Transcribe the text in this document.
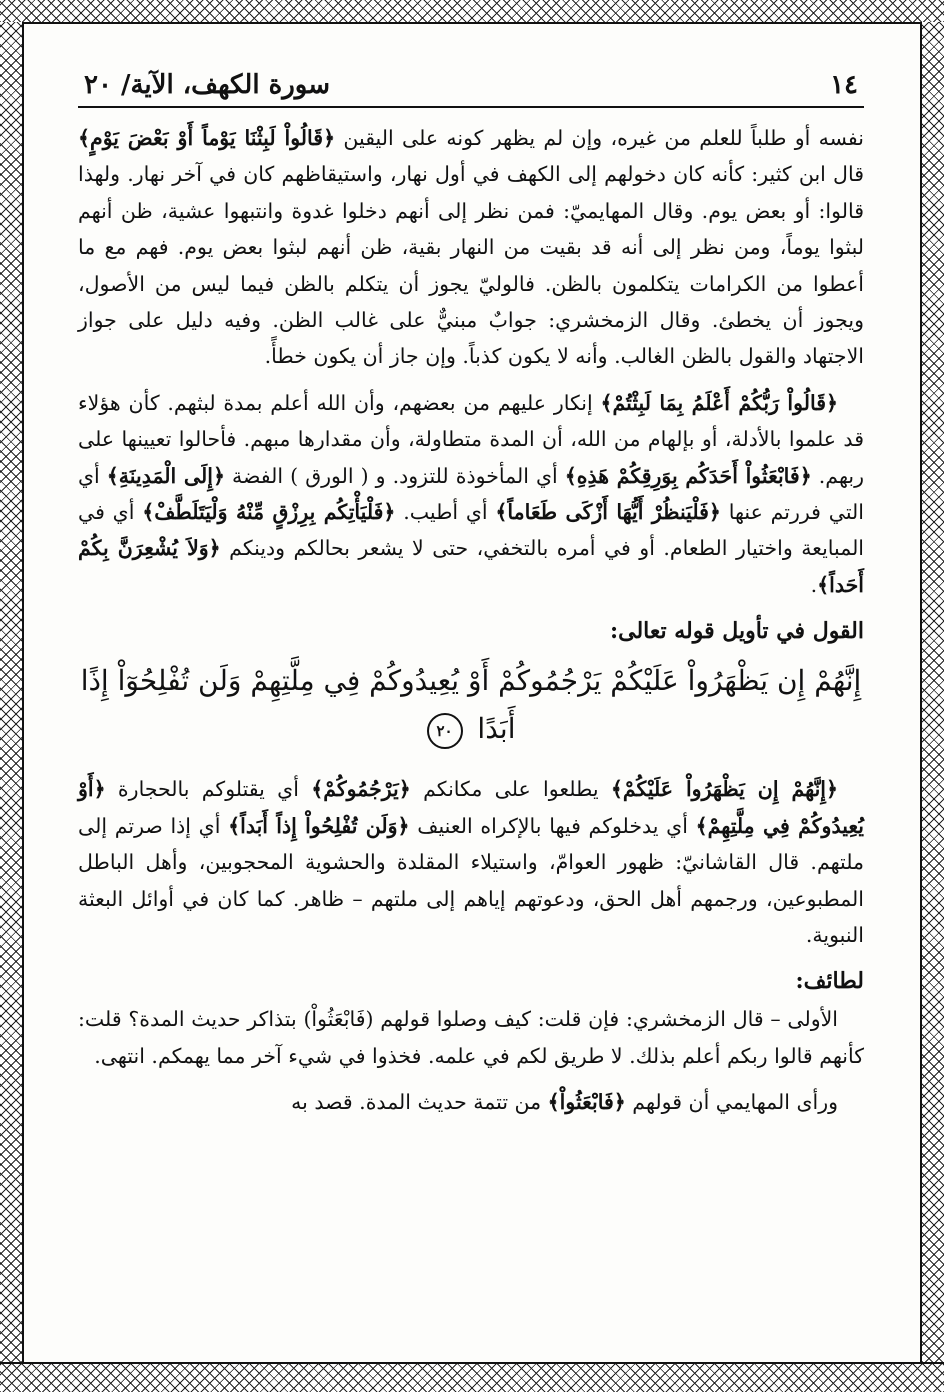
١٤
سورة الكهف، الآية/ ٢٠

نفسه أو طلباً للعلم من غيره، وإن لم يظهر كونه على اليقين ﴿قَالُواْ لَبِثْنَا يَوْماً أَوْ بَعْضَ يَوْمٍ﴾ قال ابن كثير: كأنه كان دخولهم إلى الكهف في أول نهار، واستيقاظهم كان في آخر نهار. ولهذا قالوا: أو بعض يوم. وقال المهايميّ: فمن نظر إلى أنهم دخلوا غدوة وانتبهوا عشية، ظن أنهم لبثوا يوماً، ومن نظر إلى أنه قد بقيت من النهار بقية، ظن أنهم لبثوا بعض يوم. فهم مع ما أعطوا من الكرامات يتكلمون بالظن. فالوليّ يجوز أن يتكلم بالظن فيما ليس من الأصول، ويجوز أن يخطئ. وقال الزمخشري: جوابٌ مبنيٌّ على غالب الظن. وفيه دليل على جواز الاجتهاد والقول بالظن الغالب. وأنه لا يكون كذباً. وإن جاز أن يكون خطأً.

﴿قَالُواْ رَبُّكُمْ أَعْلَمُ بِمَا لَبِثْتُمْ﴾ إنكار عليهم من بعضهم، وأن الله أعلم بمدة لبثهم. كأن هؤلاء قد علموا بالأدلة، أو بإلهام من الله، أن المدة متطاولة، وأن مقدارها مبهم. فأحالوا تعيينها على ربهم. ﴿فَابْعَثُواْ أَحَدَكُم بِوَرِقِكُمْ هَذِهِ﴾ أي المأخوذة للتزود. و ( الورق ) الفضة ﴿إِلَى الْمَدِينَةِ﴾ أي التي فررتم عنها ﴿فَلْيَنظُرْ أَيُّهَا أَزْكَى طَعَاماً﴾ أي أطيب. ﴿فَلْيَأْتِكُم بِرِزْقٍ مِّنْهُ وَلْيَتَلَطَّفْ﴾ أي في المبايعة واختيار الطعام. أو في أمره بالتخفي، حتى لا يشعر بحالكم ودينكم ﴿وَلاَ يُشْعِرَنَّ بِكُمْ أَحَداً﴾.

القول في تأويل قوله تعالى:
إِنَّهُمْ إِن يَظْهَرُواْ عَلَيْكُمْ يَرْجُمُوكُمْ أَوْ يُعِيدُوكُمْ فِي مِلَّتِهِمْ وَلَن تُفْلِحُوٓاْ إِذًا
أَبَدًا ٢٠

﴿إِنَّهُمْ إِن يَظْهَرُواْ عَلَيْكُمْ﴾ يطلعوا على مكانكم ﴿يَرْجُمُوكُمْ﴾ أي يقتلوكم بالحجارة ﴿أَوْ يُعِيدُوكُمْ فِي مِلَّتِهِمْ﴾ أي يدخلوكم فيها بالإكراه العنيف ﴿وَلَن تُفْلِحُواْ إِذاً أَبَداً﴾ أي إذا صرتم إلى ملتهم. قال القاشانيّ: ظهور العوامّ، واستيلاء المقلدة والحشوية المحجوبين، وأهل الباطل المطبوعين، ورجمهم أهل الحق، ودعوتهم إياهم إلى ملتهم – ظاهر. كما كان في أوائل البعثة النبوية.

لطائف:

الأولى – قال الزمخشري: فإن قلت: كيف وصلوا قولهم (فَابْعَثُواْ) بتذاكر حديث المدة؟ قلت: كأنهم قالوا ربكم أعلم بذلك. لا طريق لكم في علمه. فخذوا في شيء آخر مما يهمكم. انتهى.

ورأى المهايمي أن قولهم ﴿فَابْعَثُواْ﴾ من تتمة حديث المدة. قصد به
